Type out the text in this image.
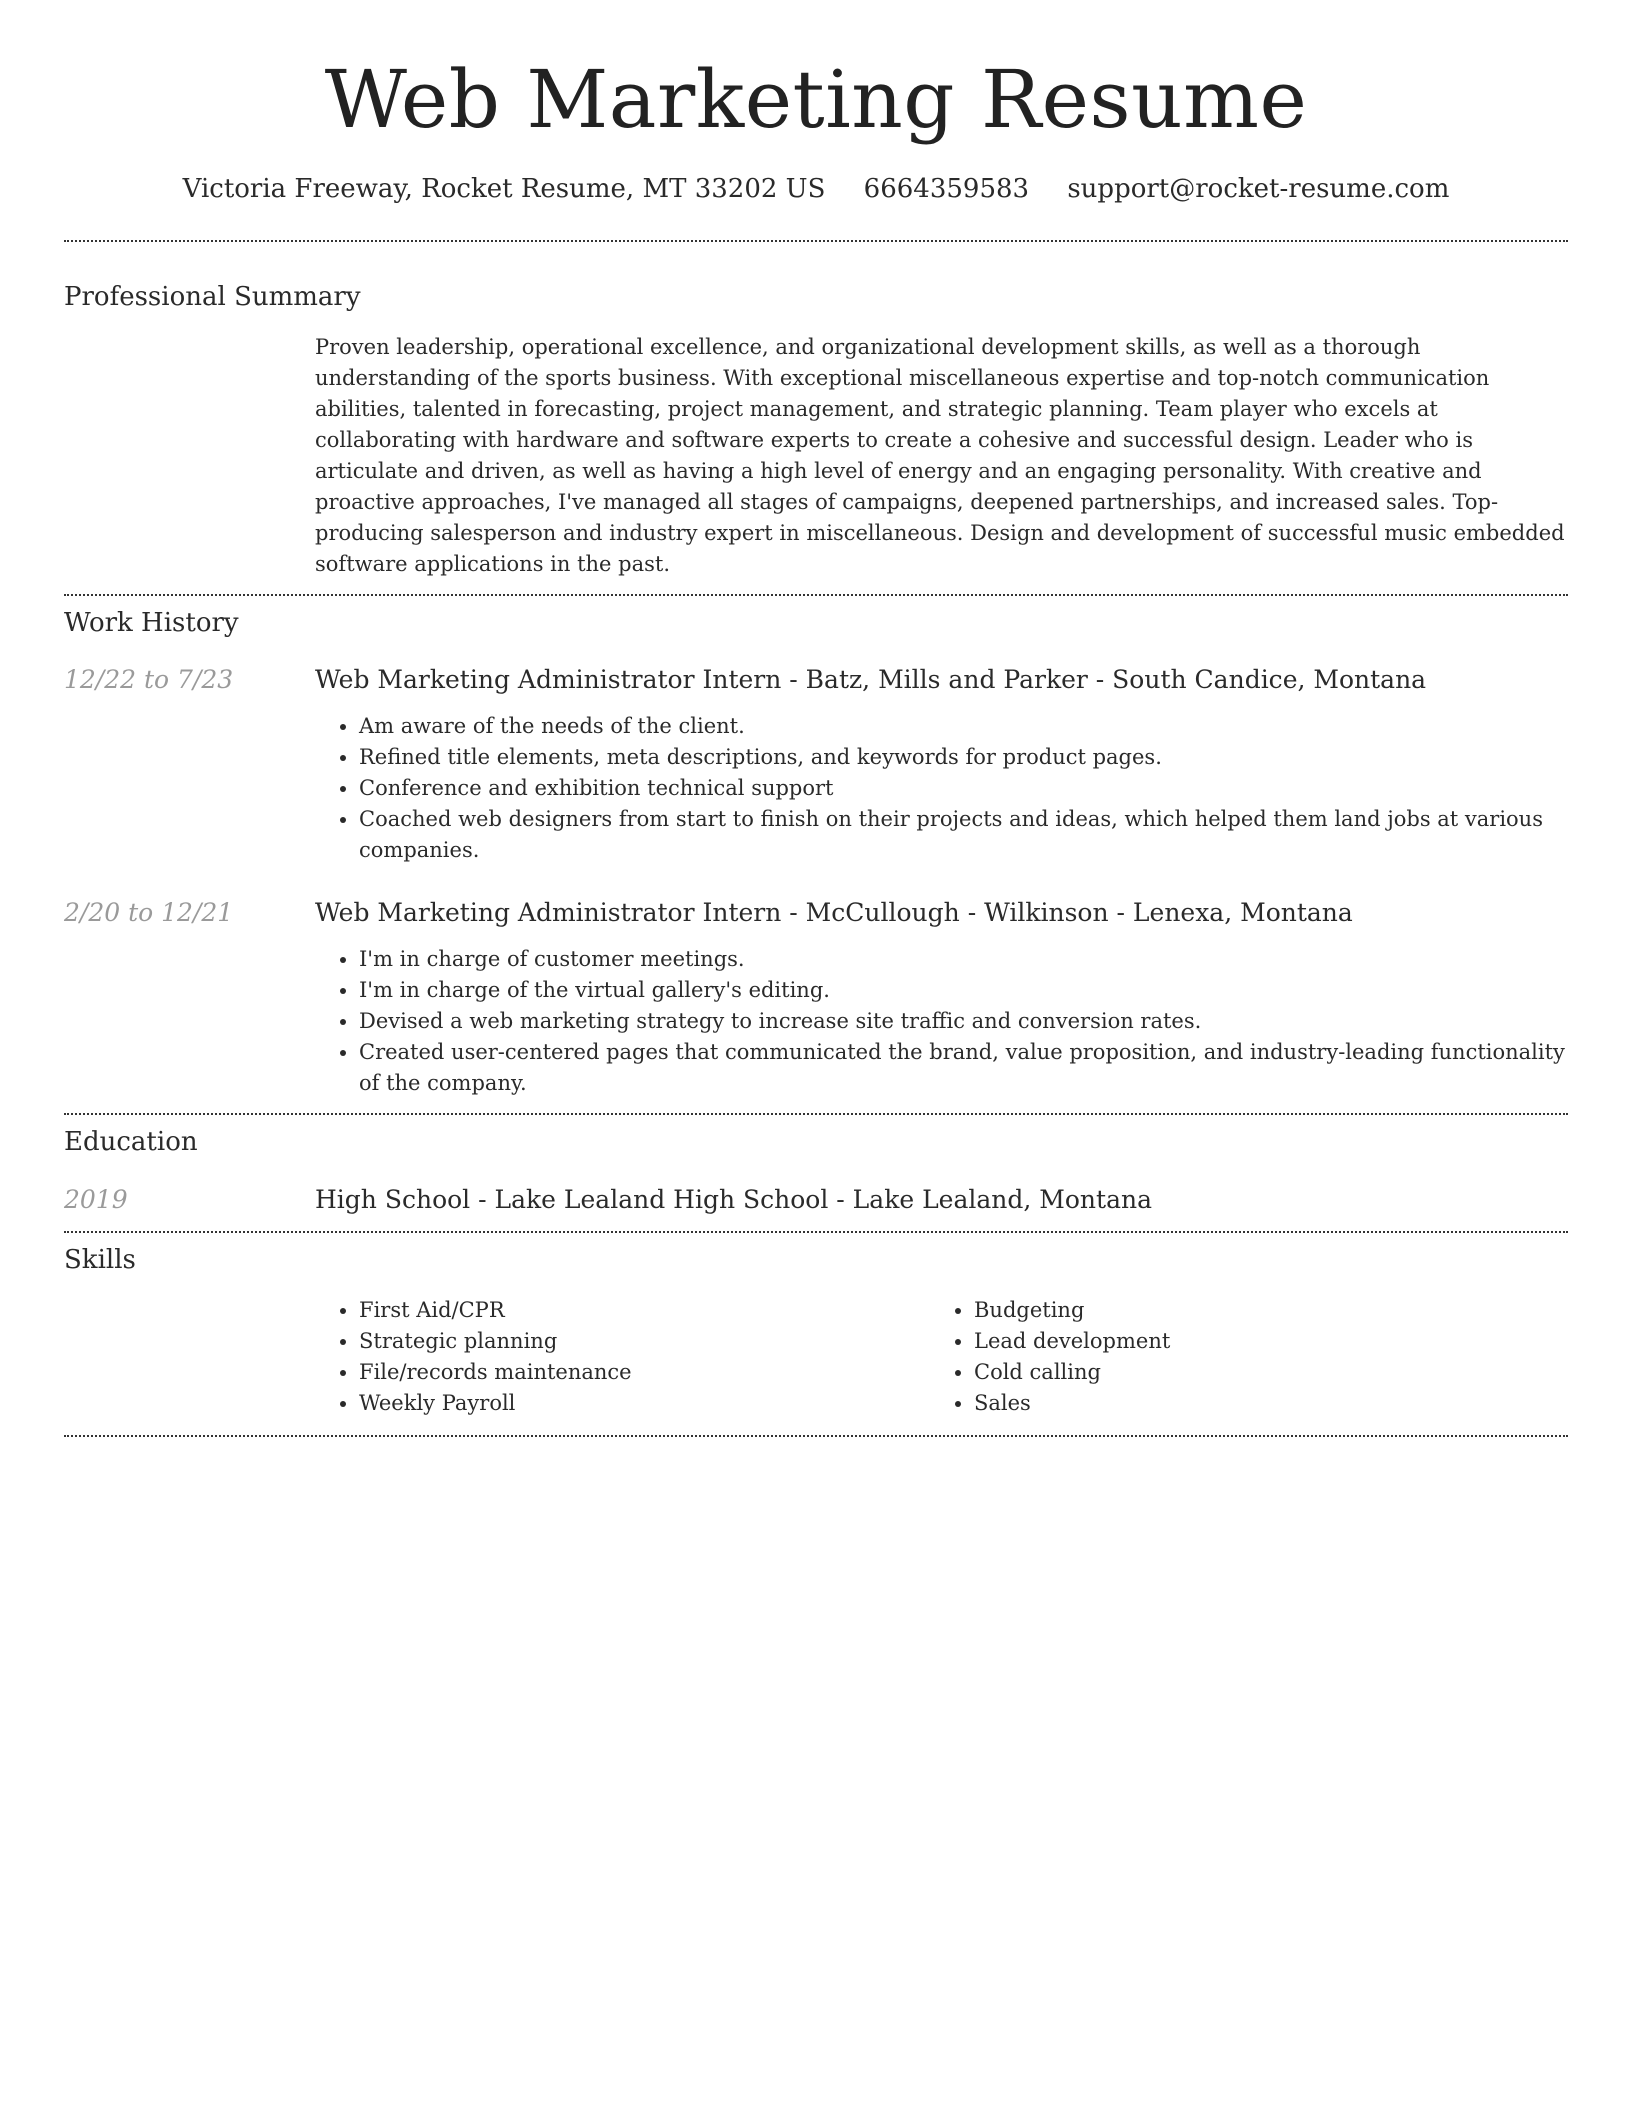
Web Marketing Resume
Victoria Freeway, Rocket Resume, MT 33202 US 6664359583 support@rocket-resume.com
Professional Summary

Proven leadership, operational excellence, and organizational development skills, as well as a thorough understanding of the sports business. With exceptional miscellaneous expertise and top-notch communication abilities, talented in forecasting, project management, and strategic planning. Team player who excels at collaborating with hardware and software experts to create a cohesive and successful design. Leader who is articulate and driven, as well as having a high level of energy and an engaging personality. With creative and proactive approaches, I've managed all stages of campaigns, deepened partnerships, and increased sales. Top-producing salesperson and industry expert in miscellaneous. Design and development of successful music embedded software applications in the past.

Work History
12/22 to 7/23	Web Marketing Administrator Intern - Batz, Mills and Parker - South Candice, Montana
• Am aware of the needs of the client.
• Refined title elements, meta descriptions, and keywords for product pages.
• Conference and exhibition technical support
• Coached web designers from start to finish on their projects and ideas, which helped them land jobs at various companies.
2/20 to 12/21	Web Marketing Administrator Intern - McCullough - Wilkinson - Lenexa, Montana
• I'm in charge of customer meetings.
• I'm in charge of the virtual gallery's editing.
• Devised a web marketing strategy to increase site traffic and conversion rates.
• Created user-centered pages that communicated the brand, value proposition, and industry-leading functionality of the company.
Education
2019	High School - Lake Lealand High School - Lake Lealand, Montana
Skills
• First Aid/CPR
• Strategic planning
• File/records maintenance
• Weekly Payroll
• Budgeting
• Lead development
• Cold calling
• Sales
